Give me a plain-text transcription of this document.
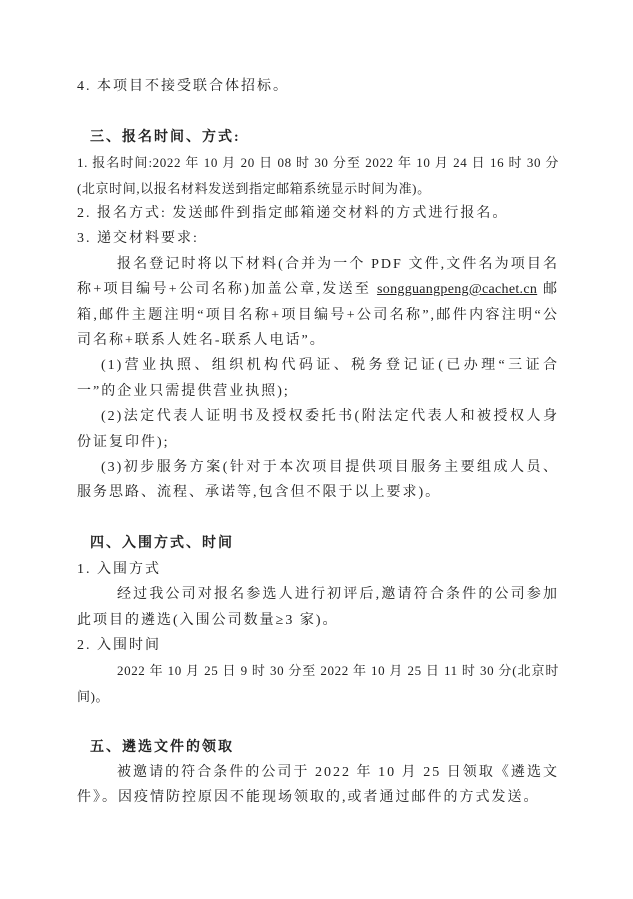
4. 本项目不接受联合体招标。

三、报名时间、方式:

1. 报名时间:2022 年 10 月 20 日 08 时 30 分至 2022 年 10 月 24 日 16 时 30 分(北京时间,以报名材料发送到指定邮箱系统显示时间为准)。

2. 报名方式: 发送邮件到指定邮箱递交材料的方式进行报名。

3. 递交材料要求:

报名登记时将以下材料(合并为一个 PDF 文件,文件名为项目名称+项目编号+公司名称)加盖公章,发送至 songguangpeng@cachet.cn 邮箱,邮件主题注明“项目名称+项目编号+公司名称”,邮件内容注明“公司名称+联系人姓名-联系人电话”。

(1)营业执照、组织机构代码证、税务登记证(已办理“三证合一”的企业只需提供营业执照);

(2)法定代表人证明书及授权委托书(附法定代表人和被授权人身份证复印件);

(3)初步服务方案(针对于本次项目提供项目服务主要组成人员、服务思路、流程、承诺等,包含但不限于以上要求)。

四、入围方式、时间

1. 入围方式

经过我公司对报名参选人进行初评后,邀请符合条件的公司参加此项目的遴选(入围公司数量≥3 家)。

2. 入围时间

2022 年 10 月 25 日 9 时 30 分至 2022 年 10 月 25 日 11 时 30 分(北京时间)。

五、遴选文件的领取

被邀请的符合条件的公司于 2022 年 10 月 25 日领取《遴选文件》。因疫情防控原因不能现场领取的,或者通过邮件的方式发送。
